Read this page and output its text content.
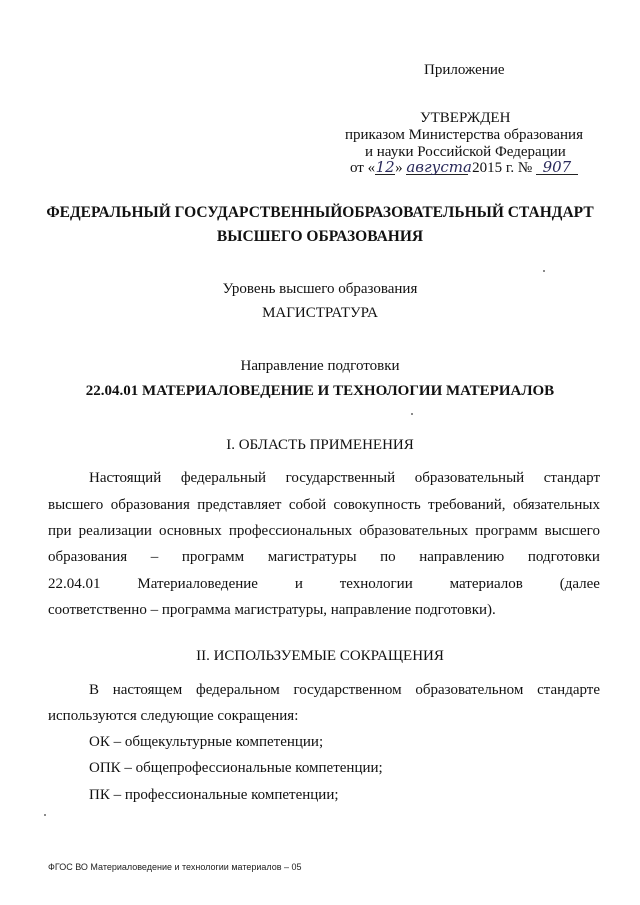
Приложение
УТВЕРЖДЕН
приказом Министерства образования
и науки Российской Федерации
от «12» августа 2015 г. № 907
ФЕДЕРАЛЬНЫЙ ГОСУДАРСТВЕННЫЙОБРАЗОВАТЕЛЬНЫЙ СТАНДАРТ
ВЫСШЕГО ОБРАЗОВАНИЯ
Уровень высшего образования
МАГИСТРАТУРА
Направление подготовки
22.04.01 МАТЕРИАЛОВЕДЕНИЕ И ТЕХНОЛОГИИ МАТЕРИАЛОВ
I. ОБЛАСТЬ ПРИМЕНЕНИЯ
Настоящий федеральный государственный образовательный стандарт
высшего образования представляет собой совокупность требований, обязательных
при реализации основных профессиональных образовательных программ высшего
образования – программ магистратуры по направлению подготовки
22.04.01 Материаловедение и технологии материалов (далее
соответственно – программа магистратуры, направление подготовки).
II. ИСПОЛЬЗУЕМЫЕ СОКРАЩЕНИЯ
В настоящем федеральном государственном образовательном стандарте
используются следующие сокращения:
ОК – общекультурные компетенции;
ОПК – общепрофессиональные компетенции;
ПК – профессиональные компетенции;
ФГОС ВО Материаловедение и технологии материалов – 05
